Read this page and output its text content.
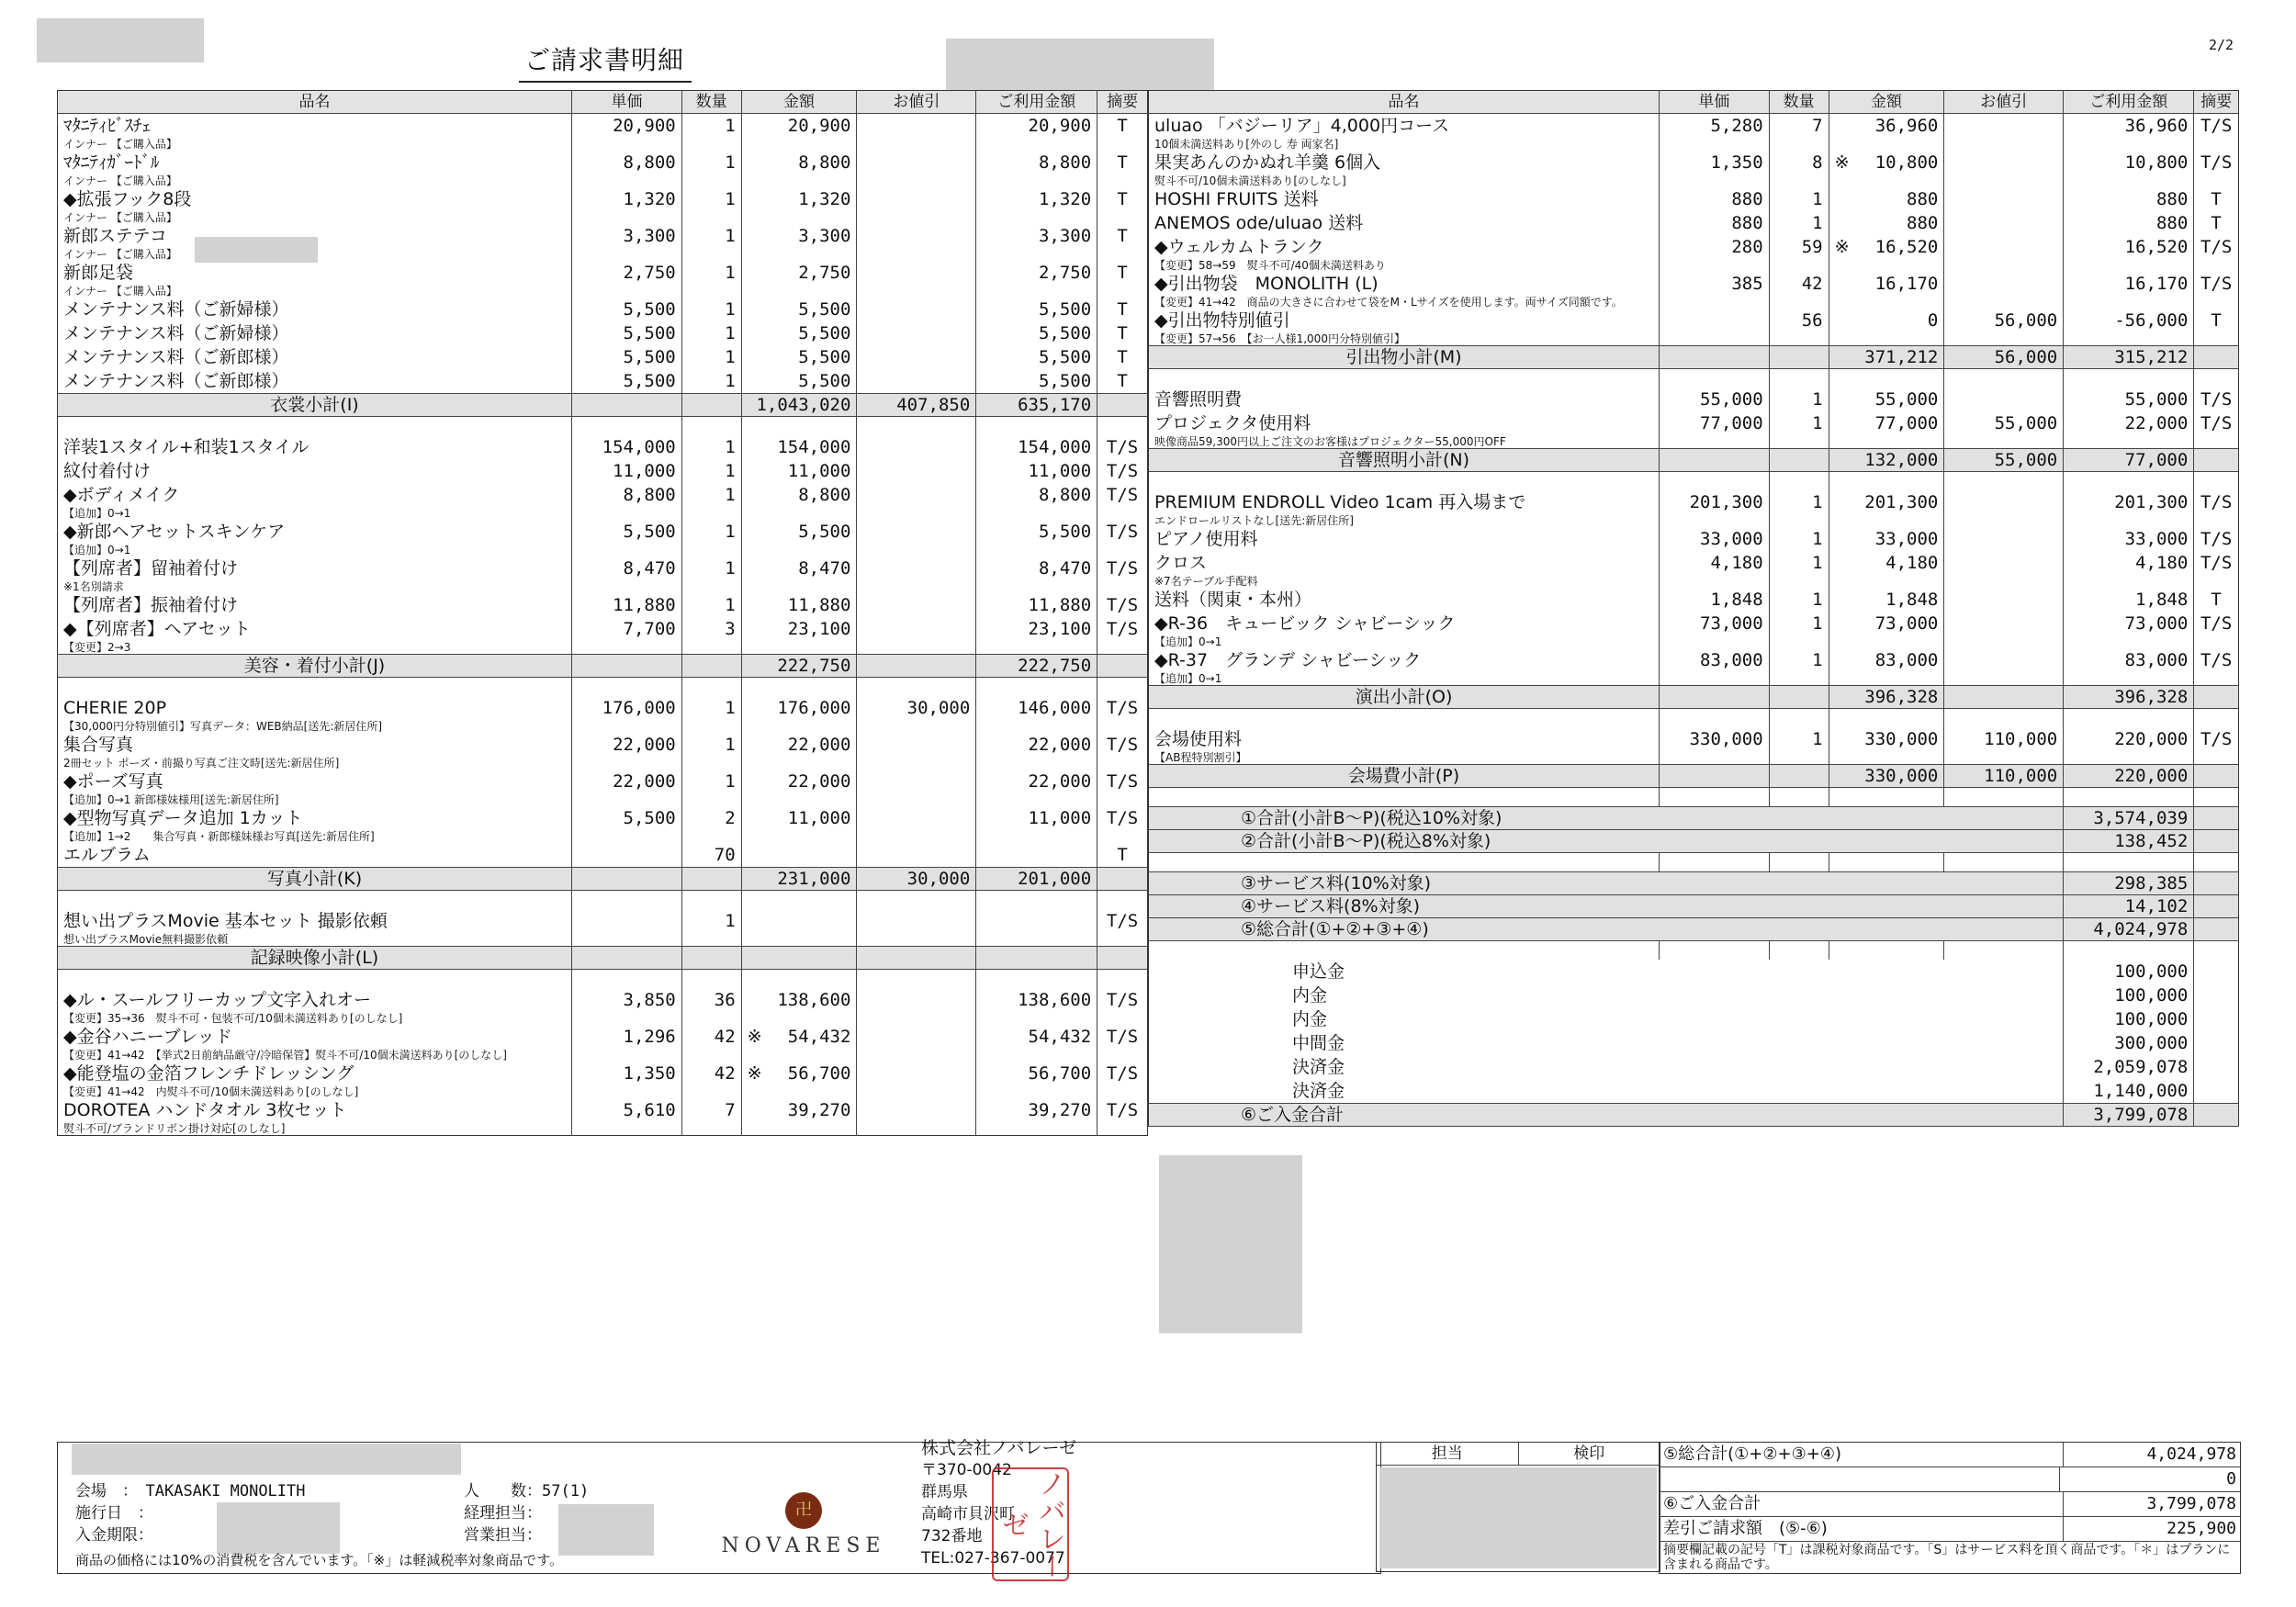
ご請求書明細	2/2
品名	単価	数量	金額	お値引	ご利用金額	摘要
ﾏﾀﾆﾃｨﾋﾞｽﾁｪ	20,900	1	20,900		20,900	T
インナー 【ご購入品】						
ﾏﾀﾆﾃｨｶﾞｰﾄﾞﾙ	8,800	1	8,800		8,800	T
インナー 【ご購入品】						
◆拡張フック8段	1,320	1	1,320		1,320	T
インナー 【ご購入品】						
新郎ステテコ	3,300	1	3,300		3,300	T
インナー 【ご購入品】						
新郎足袋	2,750	1	2,750		2,750	T
インナー 【ご購入品】						
メンテナンス料（ご新婦様）	5,500	1	5,500		5,500	T
メンテナンス料（ご新婦様）	5,500	1	5,500		5,500	T
メンテナンス料（ご新郎様）	5,500	1	5,500		5,500	T
メンテナンス料（ご新郎様）	5,500	1	5,500		5,500	T
衣裳小計(I)			1,043,020	407,850	635,170	

洋装1スタイル+和装1スタイル	154,000	1	154,000		154,000	T/S
紋付着付け	11,000	1	11,000		11,000	T/S
◆ボディメイク	8,800	1	8,800		8,800	T/S
【追加】0→1						
◆新郎ヘアセットスキンケア	5,500	1	5,500		5,500	T/S
【追加】0→1						
【列席者】留袖着付け	8,470	1	8,470		8,470	T/S
※1名別請求						
【列席者】振袖着付け	11,880	1	11,880		11,880	T/S
◆【列席者】ヘアセット	7,700	3	23,100		23,100	T/S
【変更】2→3						
美容・着付小計(J)			222,750		222,750	

CHERIE 20P	176,000	1	176,000	30,000	146,000	T/S
【30,000円分特別値引】写真データ：WEB納品[送先:新居住所]						
集合写真	22,000	1	22,000		22,000	T/S
2冊セット ポーズ・前撮り写真ご注文時[送先:新居住所]						
◆ポーズ写真	22,000	1	22,000		22,000	T/S
【追加】0→1 新郎様妹様用[送先:新居住所]						
◆型物写真データ追加 1カット	5,500	2	11,000		11,000	T/S
【追加】1→2　　集合写真・新郎様妹様お写真[送先:新居住所]						
エルブラム		70				T
写真小計(K)			231,000	30,000	201,000	

想い出プラスMovie 基本セット 撮影依頼		1				T/S
想い出プラスMovie無料撮影依頼						
記録映像小計(L)						

◆ル・スールフリーカップ文字入れオー	3,850	36	138,600		138,600	T/S
【変更】35→36　熨斗不可・包装不可/10個未満送料あり[のしなし]						
◆金谷ハニーブレッド	1,296	42	※ 54,432		54,432	T/S
【変更】41→42　【挙式2日前納品厳守/冷暗保管】熨斗不可/10個未満送料あり[のしなし]						
◆能登塩の金箔フレンチドレッシング	1,350	42	※ 56,700		56,700	T/S
【変更】41→42　内熨斗不可/10個未満送料あり[のしなし]						
DOROTEA ハンドタオル 3枚セット	5,610	7	39,270		39,270	T/S
熨斗不可/ブランドリボン掛け対応[のしなし]						
品名	単価	数量	金額	お値引	ご利用金額	摘要
uluao 「バジーリア」4,000円コース	5,280	7	36,960		36,960	T/S
10個未満送料あり[外のし 寿 両家名]						
果実あんのかぬれ羊羹 6個入	1,350	8	※ 10,800		10,800	T/S
熨斗不可/10個未満送料あり[のしなし]						
HOSHI FRUITS 送料	880	1	880		880	T
ANEMOS ode/uluao 送料	880	1	880		880	T
◆ウェルカムトランク	280	59	※ 16,520		16,520	T/S
【変更】58→59　熨斗不可/40個未満送料あり						
◆引出物袋　MONOLITH (L)	385	42	16,170		16,170	T/S
【変更】41→42　商品の大きさに合わせて袋をM・Lサイズを使用します。両サイズ同額です。						
◆引出物特別値引		56	0	56,000	-56,000	T
【変更】57→56　【お一人様1,000円分特別値引】						
引出物小計(M)			371,212	56,000	315,212	

音響照明費	55,000	1	55,000		55,000	T/S
プロジェクタ使用料	77,000	1	77,000	55,000	22,000	T/S
映像商品59,300円以上ご注文のお客様はプロジェクター55,000円OFF						
音響照明小計(N)			132,000	55,000	77,000	

PREMIUM ENDROLL Video 1cam 再入場まで	201,300	1	201,300		201,300	T/S
エンドロールリストなし[送先:新居住所]						
ピアノ使用料	33,000	1	33,000		33,000	T/S
クロス	4,180	1	4,180		4,180	T/S
※7名テーブル手配料						
送料（関東・本州）	1,848	1	1,848		1,848	T
◆R-36　キュービック シャビーシック	73,000	1	73,000		73,000	T/S
【追加】0→1						
◆R-37　グランデ シャビーシック	83,000	1	83,000		83,000	T/S
【追加】0→1						
演出小計(O)			396,328		396,328	

会場使用料	330,000	1	330,000	110,000	220,000	T/S
【AB程特別割引】						
会場費小計(P)			330,000	110,000	220,000	

①合計(小計B～P)(税込10%対象)					3,574,039	
②合計(小計B～P)(税込8%対象)					138,452	

③サービス料(10%対象)					298,385	
④サービス料(8%対象)					14,102	
⑤総合計(①+②+③+④)					4,024,978	

申込金					100,000	
内金					100,000	
内金					100,000	
中間金					300,000	
決済金					2,059,078	
決済金					1,140,000	
⑥ご入金合計					3,799,078	
会場　：　TAKASAKI MONOLITH
施行日　：
入金期限：
人　　数：57(1)
経理担当：
営業担当：
商品の価格には10%の消費税を含んでいます。「※」は軽減税率対象商品です。
卍
NOVARESE
株式会社ノバレーゼ
〒370-0042
群馬県
高崎市貝沢町
732番地
TEL:027-367-0077
ノバレーゼ
担当	検印	⑤総合計(①+②+③+④)	4,024,978
0
⑥ご入金合計	3,799,078
差引ご請求額　(⑤-⑥)	225,900
摘要欄記載の記号「T」は課税対象商品です。「S」はサービス料を頂く商品です。「＊」はプランに含まれる商品です。
